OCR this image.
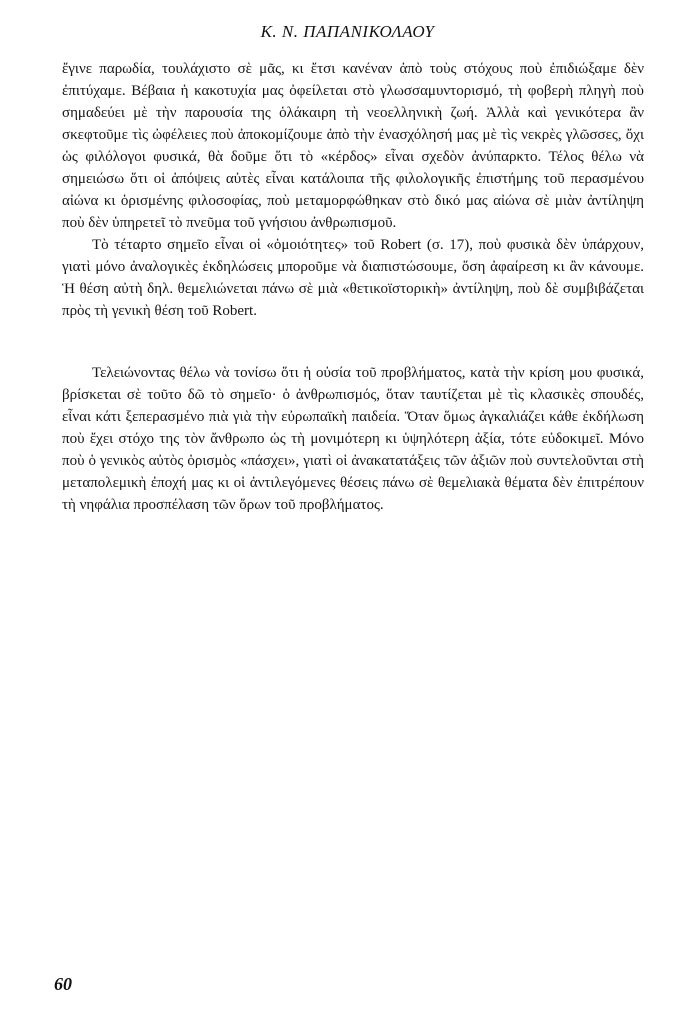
Κ. Ν. ΠΑΠΑΝΙΚΟΛΑΟΥ

ἔγινε παρωδία, τουλάχιστο σὲ μᾶς, κι ἔτσι κανέναν ἀπὸ τοὺς στόχους ποὺ ἐπιδιώξαμε δὲν ἐπιτύχαμε. Βέβαια ἡ κακοτυχία μας ὀφείλεται στὸ γλωσσαμυντορισμό, τὴ φοβερὴ πληγὴ ποὺ σημαδεύει μὲ τὴν παρουσία της ὁλάκαιρη τὴ νεοελληνικὴ ζωή. Ἀλλὰ καὶ γενικότερα ἂν σκεφτοῦμε τὶς ὠφέλειες ποὺ ἀποκομίζουμε ἀπὸ τὴν ἐνασχόλησή μας μὲ τὶς νεκρὲς γλῶσσες, ὄχι ὡς φιλόλογοι φυσικά, θὰ δοῦμε ὅτι τὸ «κέρδος» εἶναι σχεδὸν ἀνύπαρκτο. Τέλος θέλω νὰ σημειώσω ὅτι οἱ ἀπόψεις αὐτὲς εἶναι κατάλοιπα τῆς φιλολογικῆς ἐπιστήμης τοῦ περασμένου αἰώνα κι ὁρισμένης φιλοσοφίας, ποὺ μεταμορφώθηκαν στὸ δικό μας αἰώνα σὲ μιὰν ἀντίληψη ποὺ δὲν ὑπηρετεῖ τὸ πνεῦμα τοῦ γνήσιου ἀνθρωπισμοῦ.

Τὸ τέταρτο σημεῖο εἶναι οἱ «ὁμοιότητες» τοῦ Robert (σ. 17), ποὺ φυσικὰ δὲν ὑπάρχουν, γιατὶ μόνο ἀναλογικὲς ἐκδηλώσεις μποροῦμε νὰ διαπιστώσουμε, ὅση ἀφαίρεση κι ἂν κάνουμε. Ἡ θέση αὐτὴ δηλ. θεμελιώνεται πάνω σὲ μιὰ «θετικοϊστορικὴ» ἀντίληψη, ποὺ δὲ συμβιβάζεται πρὸς τὴ γενικὴ θέση τοῦ Robert.

Τελειώνοντας θέλω νὰ τονίσω ὅτι ἡ οὐσία τοῦ προβλήματος, κατὰ τὴν κρίση μου φυσικά, βρίσκεται σὲ τοῦτο δῶ τὸ σημεῖο· ὁ ἀνθρωπισμός, ὅταν ταυτίζεται μὲ τὶς κλασικὲς σπουδές, εἶναι κάτι ξεπερασμένο πιὰ γιὰ τὴν εὐρωπαϊκὴ παιδεία. Ὅταν ὅμως ἀγκαλιάζει κάθε ἐκδήλωση ποὺ ἔχει στόχο της τὸν ἄνθρωπο ὡς τὴ μονιμότερη κι ὑψηλότερη ἀξία, τότε εὐδοκιμεῖ. Μόνο ποὺ ὁ γενικὸς αὐτὸς ὁρισμὸς «πάσχει», γιατὶ οἱ ἀνακατατάξεις τῶν ἀξιῶν ποὺ συντελοῦνται στὴ μεταπολεμικὴ ἐποχή μας κι οἱ ἀντιλεγόμενες θέσεις πάνω σὲ θεμελιακὰ θέματα δὲν ἐπιτρέπουν τὴ νηφάλια προσπέλαση τῶν ὅρων τοῦ προβλήματος.

60
